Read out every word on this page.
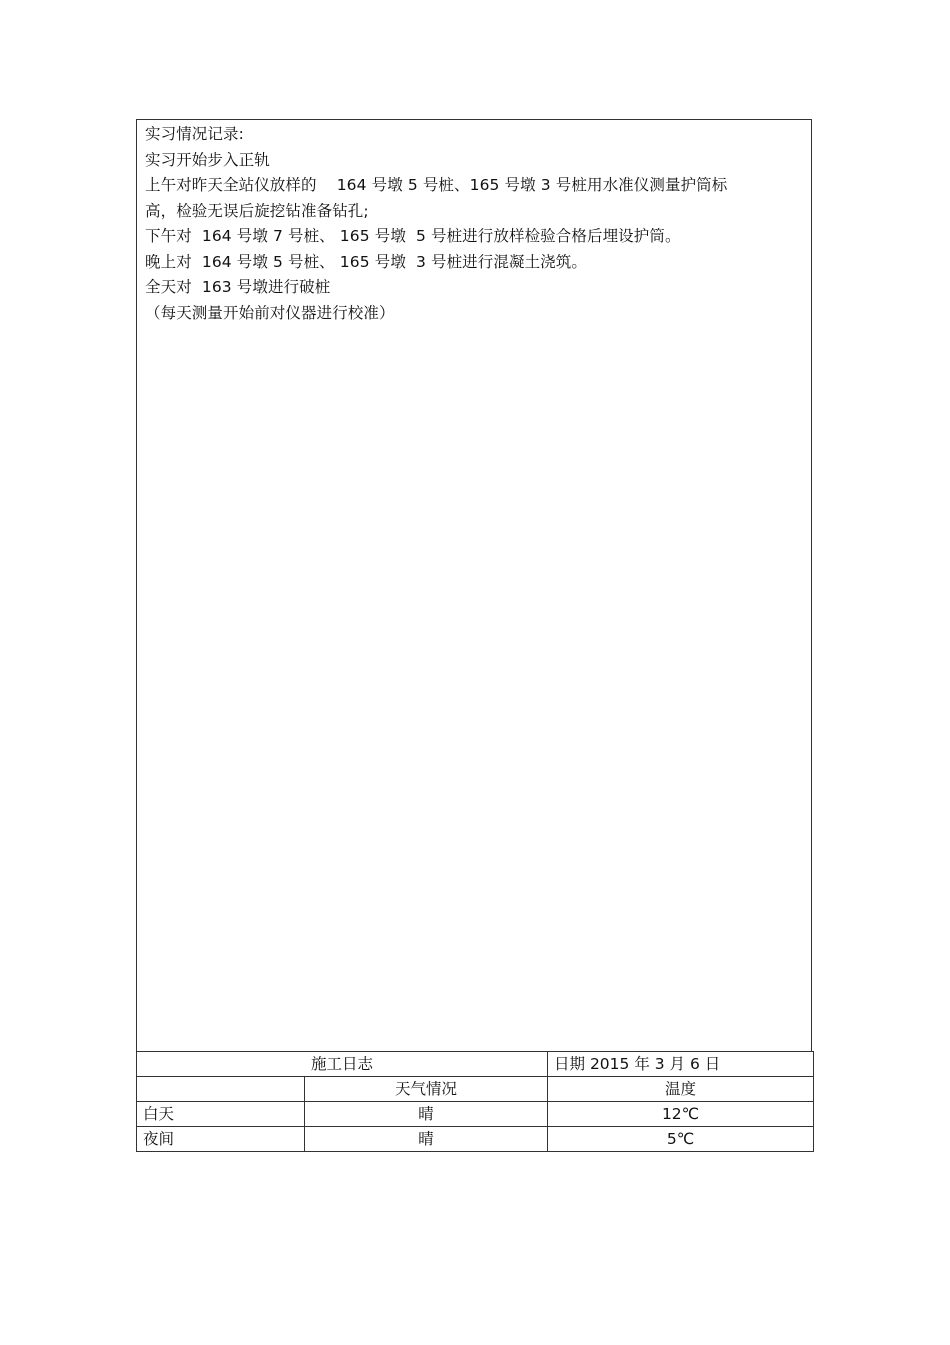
实习情况记录:
实习开始步入正轨
上午对昨天全站仪放样的    164 号墩 5 号桩、165 号墩 3 号桩用水准仪测量护筒标
高，检验无误后旋挖钻准备钻孔;
下午对  164 号墩 7 号桩、 165 号墩  5 号桩进行放样检验合格后埋设护筒。
晚上对  164 号墩 5 号桩、 165 号墩  3 号桩进行混凝土浇筑。
全天对  163 号墩进行破桩
（每天测量开始前对仪器进行校准）
施工日志		日期 2015 年 3 月 6 日
	天气情况	温度
白天	晴	12℃
夜间	晴	5℃
